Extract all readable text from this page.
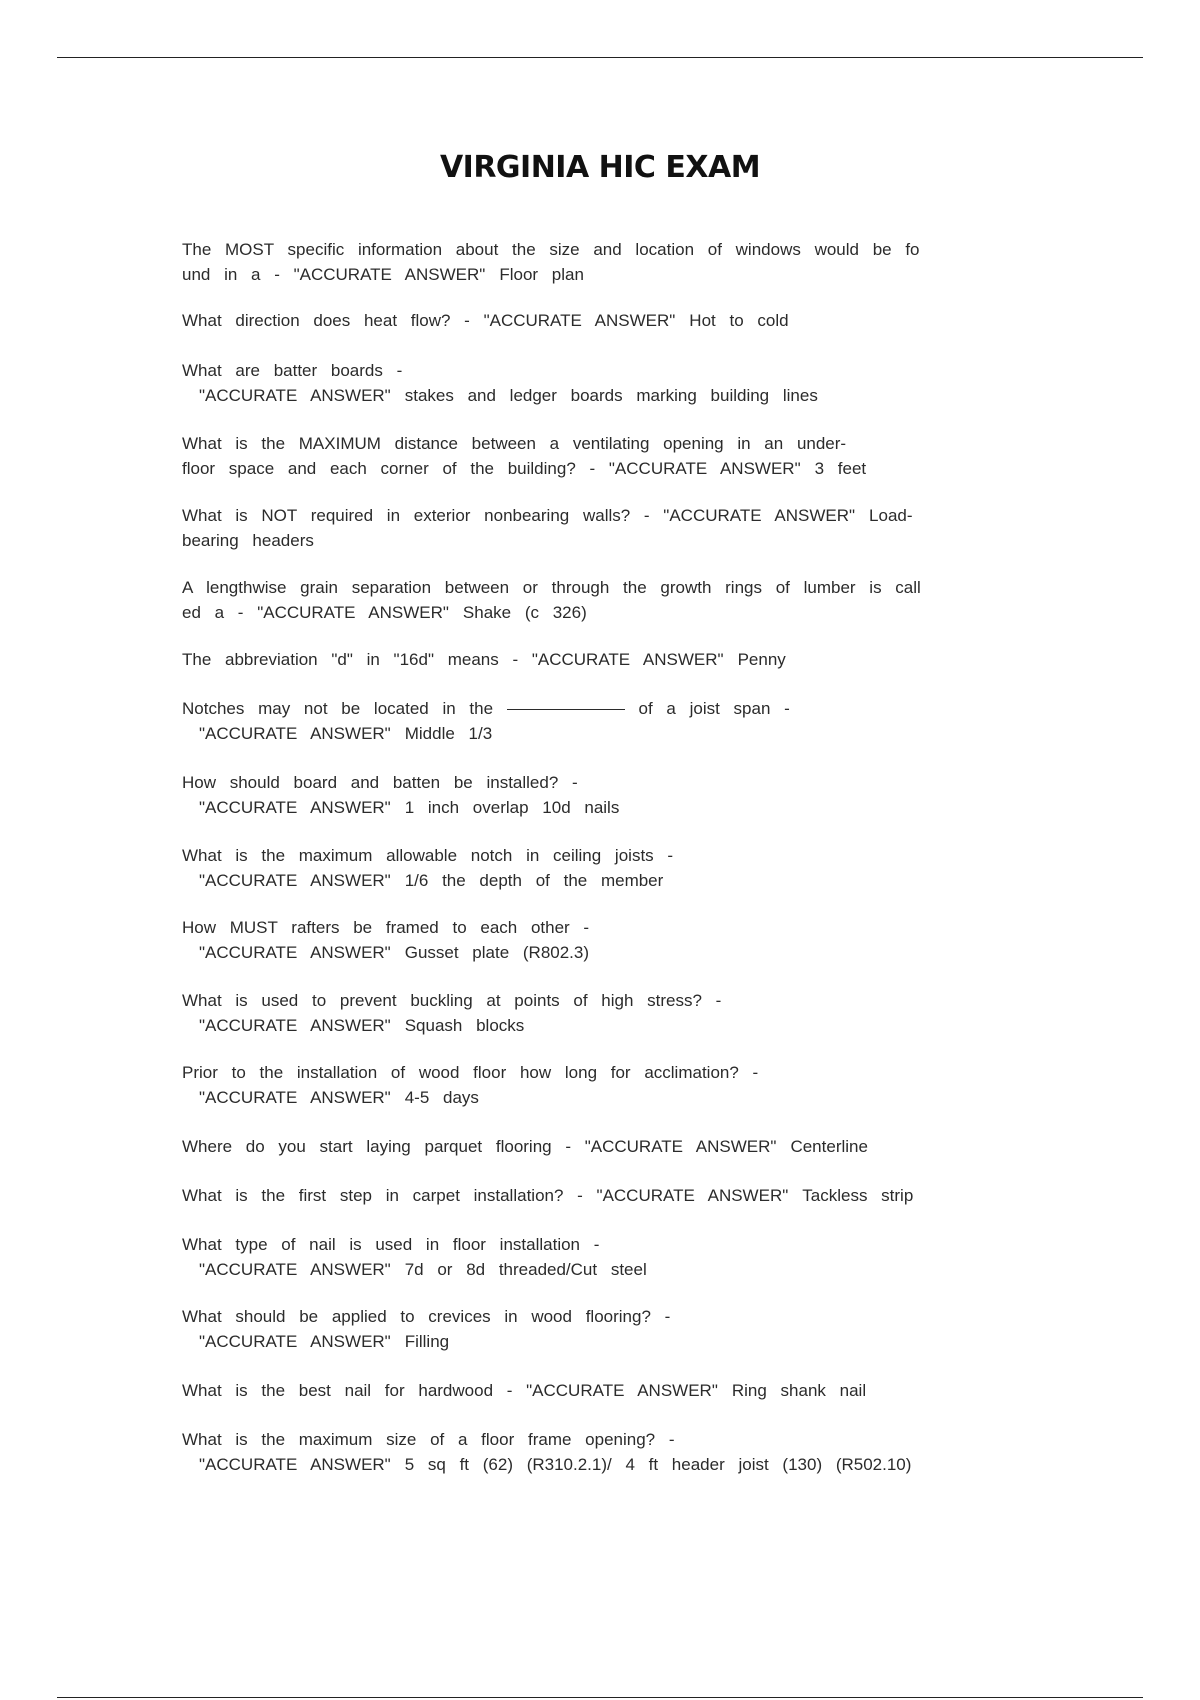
VIRGINIA HIC EXAM
The MOST specific information about the size and location of windows would be fo
und in a - "ACCURATE ANSWER" Floor plan
What direction does heat flow? - "ACCURATE ANSWER" Hot to cold
What are batter boards -
"ACCURATE ANSWER" stakes and ledger boards marking building lines
What is the MAXIMUM distance between a ventilating opening in an under-
floor space and each corner of the building? - "ACCURATE ANSWER" 3 feet
What is NOT required in exterior nonbearing walls? - "ACCURATE ANSWER" Load-
bearing headers
A lengthwise grain separation between or through the growth rings of lumber is call
ed a - "ACCURATE ANSWER" Shake (c 326)
The abbreviation "d" in "16d" means - "ACCURATE ANSWER" Penny
Notches may not be located in the	of a joist span -
"ACCURATE ANSWER" Middle 1/3
How should board and batten be installed? -
"ACCURATE ANSWER" 1 inch overlap 10d nails
What is the maximum allowable notch in ceiling joists -
"ACCURATE ANSWER" 1/6 the depth of the member
How MUST rafters be framed to each other -
"ACCURATE ANSWER" Gusset plate (R802.3)
What is used to prevent buckling at points of high stress? -
"ACCURATE ANSWER" Squash blocks
Prior to the installation of wood floor how long for acclimation? -
"ACCURATE ANSWER" 4-5 days
Where do you start laying parquet flooring - "ACCURATE ANSWER" Centerline
What is the first step in carpet installation? - "ACCURATE ANSWER" Tackless strip
What type of nail is used in floor installation -
"ACCURATE ANSWER" 7d or 8d threaded/Cut steel
What should be applied to crevices in wood flooring? -
"ACCURATE ANSWER" Filling
What is the best nail for hardwood - "ACCURATE ANSWER" Ring shank nail
What is the maximum size of a floor frame opening? -
"ACCURATE ANSWER" 5 sq ft (62) (R310.2.1)/ 4 ft header joist (130) (R502.10)
